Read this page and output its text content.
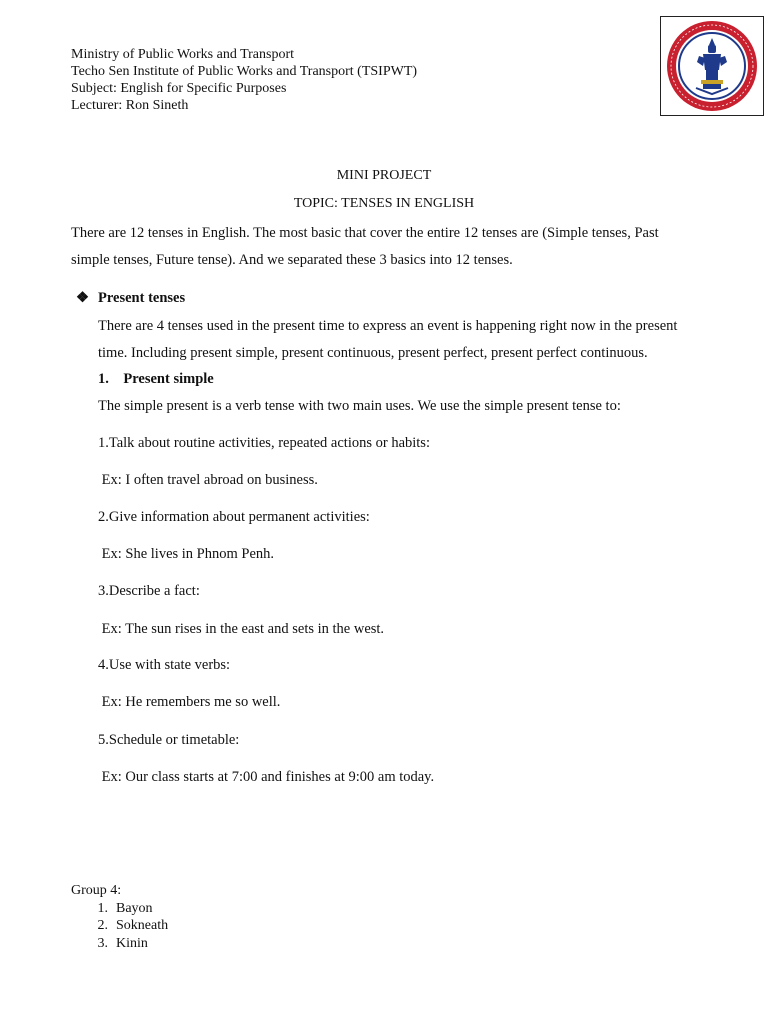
Ministry of Public Works and Transport
Techo Sen Institute of Public Works and Transport (TSIPWT)
Subject: English for Specific Purposes
Lecturer: Ron Sineth
MINI PROJECT
TOPIC: TENSES IN ENGLISH
There are 12 tenses in English. The most basic that cover the entire 12 tenses are (Simple tenses, Past
simple tenses, Future tense). And we separated these 3 basics into 12 tenses.
❖ Present tenses
There are 4 tenses used in the present time to express an event is happening right now in the present
time. Including present simple, present continuous, present perfect, present perfect continuous.
1.    Present simple
The simple present is a verb tense with two main uses. We use the simple present tense to:
1.Talk about routine activities, repeated actions or habits:
Ex: I often travel abroad on business.
2.Give information about permanent activities:
Ex: She lives in Phnom Penh.
3.Describe a fact:
Ex: The sun rises in the east and sets in the west.
4.Use with state verbs:
Ex: He remembers me so well.
5.Schedule or timetable:
Ex: Our class starts at 7:00 and finishes at 9:00 am today.
Group 4:
1. Bayon
2. Sokneath
3. Kinin
